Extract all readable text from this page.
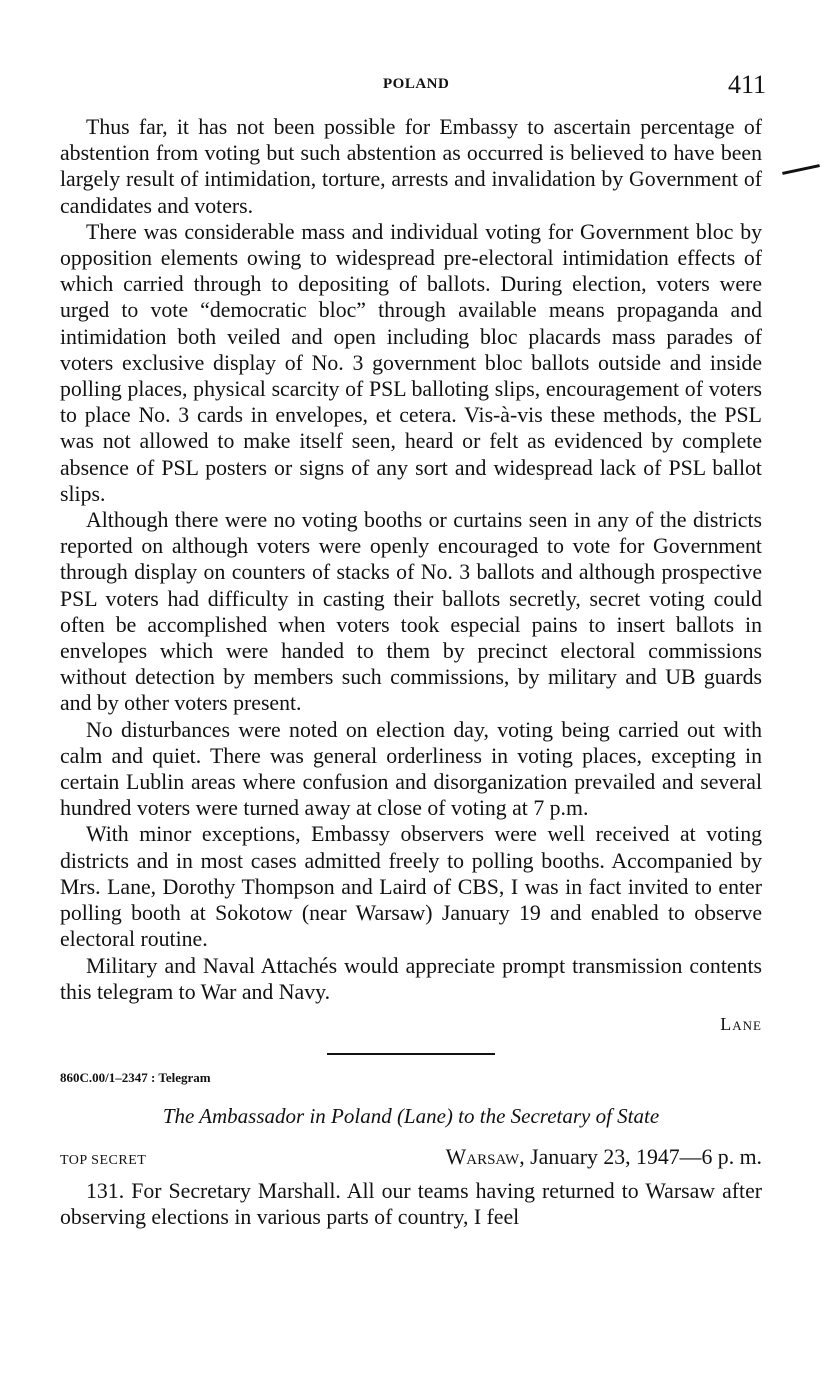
POLAND	411

Thus far, it has not been possible for Embassy to ascertain percentage of abstention from voting but such abstention as occurred is believed to have been largely result of intimidation, torture, arrests and invalidation by Government of candidates and voters.

There was considerable mass and individual voting for Government bloc by opposition elements owing to widespread pre-electoral intimidation effects of which carried through to depositing of ballots. During election, voters were urged to vote “democratic bloc” through available means propaganda and intimidation both veiled and open including bloc placards mass parades of voters exclusive display of No. 3 government bloc ballots outside and inside polling places, physical scarcity of PSL balloting slips, encouragement of voters to place No. 3 cards in envelopes, et cetera. Vis-à-vis these methods, the PSL was not allowed to make itself seen, heard or felt as evidenced by complete absence of PSL posters or signs of any sort and widespread lack of PSL ballot slips.

Although there were no voting booths or curtains seen in any of the districts reported on although voters were openly encouraged to vote for Government through display on counters of stacks of No. 3 ballots and although prospective PSL voters had difficulty in casting their ballots secretly, secret voting could often be accomplished when voters took especial pains to insert ballots in envelopes which were handed to them by precinct electoral commissions without detection by members such commissions, by military and UB guards and by other voters present.

No disturbances were noted on election day, voting being carried out with calm and quiet. There was general orderliness in voting places, excepting in certain Lublin areas where confusion and disorganization prevailed and several hundred voters were turned away at close of voting at 7 p.m.

With minor exceptions, Embassy observers were well received at voting districts and in most cases admitted freely to polling booths. Accompanied by Mrs. Lane, Dorothy Thompson and Laird of CBS, I was in fact invited to enter polling booth at Sokotow (near Warsaw) January 19 and enabled to observe electoral routine.

Military and Naval Attachés would appreciate prompt transmission contents this telegram to War and Navy.

Lane

860C.00/1–2347 : Telegram

The Ambassador in Poland (Lane) to the Secretary of State
TOP SECRET	Warsaw, January 23, 1947—6 p. m.

131. For Secretary Marshall. All our teams having returned to Warsaw after observing elections in various parts of country, I feel
